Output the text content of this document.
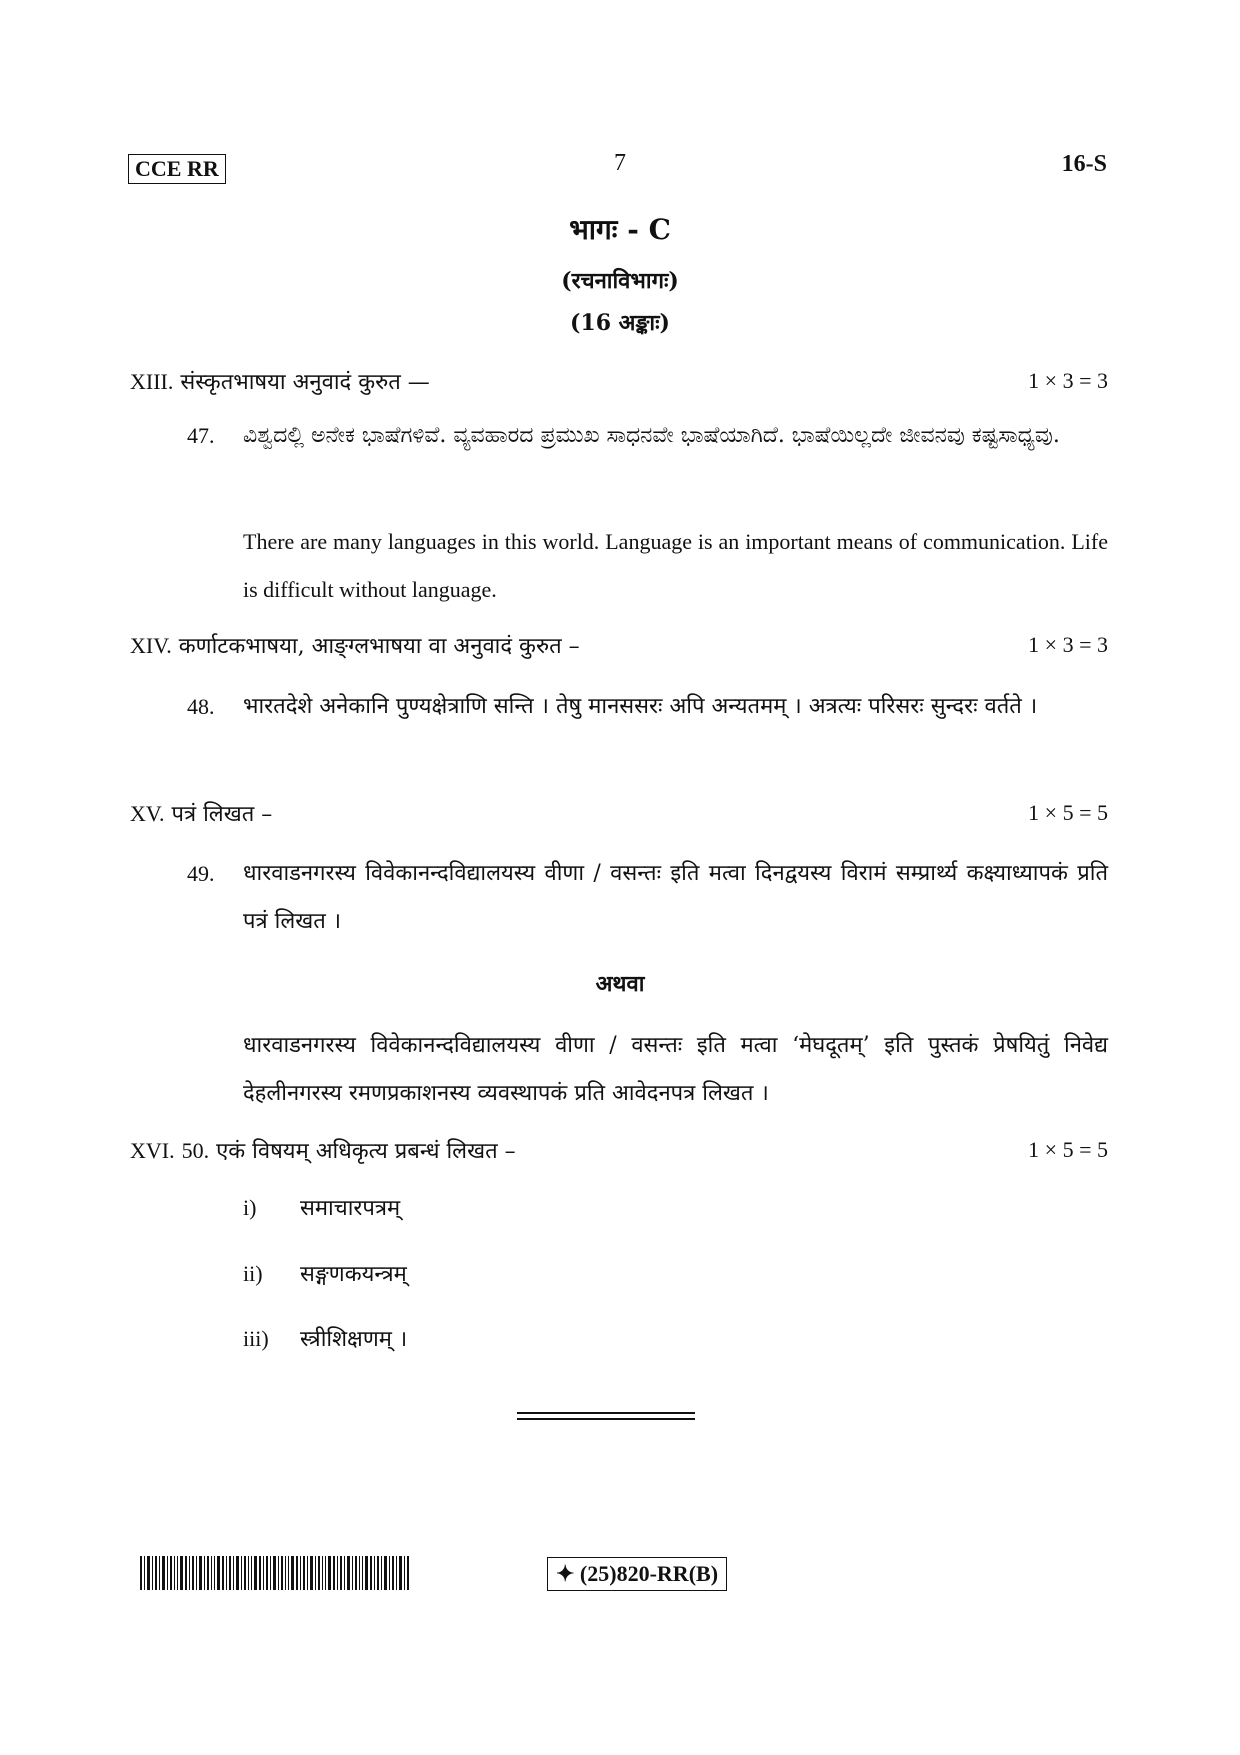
CCE RR	7	16-S
भागः - C
(रचनाविभागः)
(16 अङ्काः)
XIII. संस्कृतभाषया अनुवादं कुरुत —	1 × 3 = 3
47. ವಿಶ್ವದಲ್ಲಿ ಅನೇಕ ಭಾಷೆಗಳಿವೆ. ವ್ಯವಹಾರದ ಪ್ರಮುಖ ಸಾಧನವೇ ಭಾಷೆಯಾಗಿದೆ. ಭಾಷೆಯಿಲ್ಲದೇ ಜೀವನವು ಕಷ್ಟಸಾಧ್ಯವು.
There are many languages in this world. Language is an important means of communication. Life is difficult without language.
XIV. कर्णाटकभाषया, आङ्ग्लभाषया वा अनुवादं कुरुत –	1 × 3 = 3
48. भारतदेशे अनेकानि पुण्यक्षेत्राणि सन्ति । तेषु मानससरः अपि अन्यतमम् । अत्रत्यः परिसरः सुन्दरः वर्तते ।
XV. पत्रं लिखत –	1 × 5 = 5
49. धारवाडनगरस्य विवेकानन्दविद्यालयस्य वीणा / वसन्तः इति मत्वा दिनद्वयस्य विरामं सम्प्रार्थ्य कक्ष्याध्यापकं प्रति पत्रं लिखत ।
अथवा
धारवाडनगरस्य विवेकानन्दविद्यालयस्य वीणा / वसन्तः इति मत्वा ‘मेघदूतम्’ इति पुस्तकं प्रेषयितुं निवेद्य देहलीनगरस्य रमणप्रकाशनस्य व्यवस्थापकं प्रति आवेदनपत्र लिखत ।
XVI. 50. एकं विषयम् अधिकृत्य प्रबन्धं लिखत –	1 × 5 = 5
i) समाचारपत्रम्
ii) सङ्गणकयन्त्रम्
iii) स्त्रीशिक्षणम् ।
✦ (25)820-RR(B)
